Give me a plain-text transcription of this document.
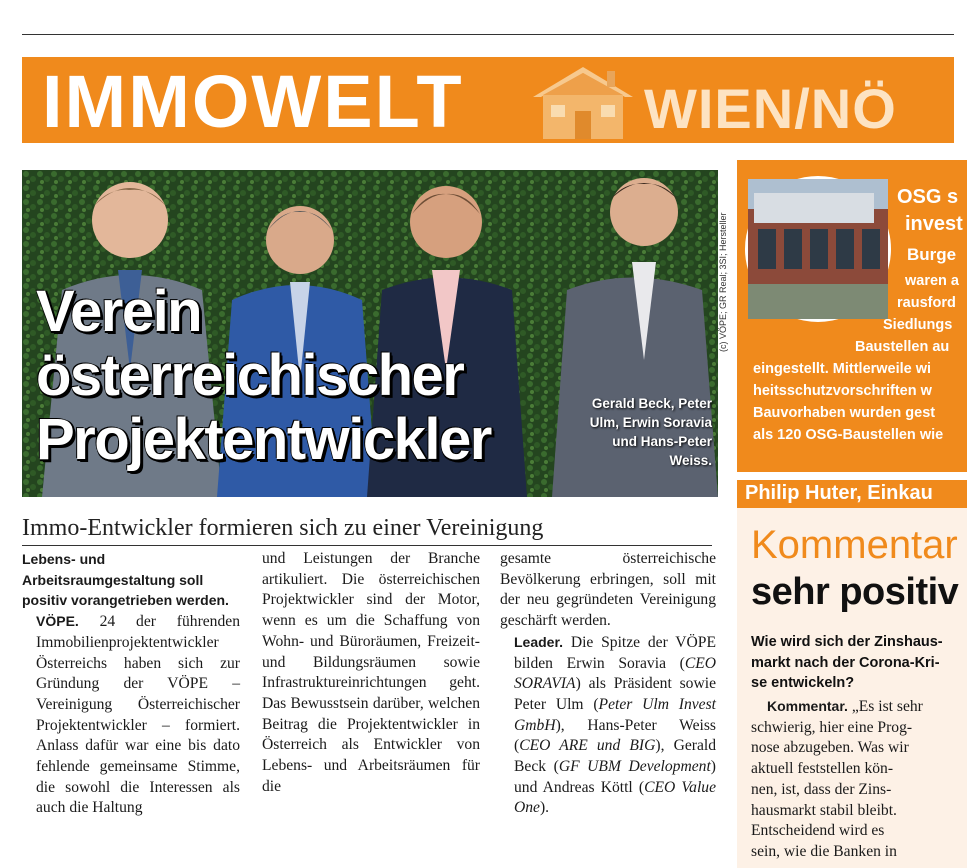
IMMOWELT	WIEN/NÖ
Verein
österreichischer
Projektentwickler
Gerald Beck, Peter
Ulm, Erwin Soravia
und Hans-Peter
Weiss.
(c) VÖPE; GR Real; 3SI; Hersteller
Immo-Entwickler formieren sich zu einer Vereinigung

Lebens- und Arbeitsraumgestaltung soll positiv vorangetrieben werden.

VÖPE. 24 der führenden Immobilienprojektentwickler Österreichs haben sich zur Gründung der VÖPE – Vereinigung Österreichischer Projektentwickler – formiert. Anlass dafür war eine bis dato fehlende gemeinsame Stimme, die sowohl die Interessen als auch die Haltung

und Leistungen der Branche artikuliert. Die österreichischen Projektwickler sind der Motor, wenn es um die Schaffung von Wohn- und Büroräumen, Freizeit- und Bildungsräumen sowie Infrastruktureinrichtungen geht. Das Bewusstsein darüber, welchen Beitrag die Projektentwickler in Österreich als Entwickler von Lebens- und Arbeitsräumen für die

gesamte österreichische Bevölkerung erbringen, soll mit der neu gegründeten Vereinigung geschärft werden.

Leader. Die Spitze der VÖPE bilden Erwin Soravia (CEO SORAVIA) als Präsident sowie Peter Ulm (Peter Ulm Invest GmbH), Hans-Peter Weiss (CEO ARE und BIG), Gerald Beck (GF UBM Development) und Andreas Köttl (CEO Value One).

OSG s
invest
Burge
waren a
rausford
Siedlungs
Baustellen au
eingestellt. Mittlerweile wi
heitsschutzvorschriften w
Bauvorhaben wurden gest
als 120 OSG-Baustellen wie
Philip Huter, Einkau
Kommentar
sehr positiv
Wie wird sich der Zinshaus-
markt nach der Corona-Kri-
se entwickeln?
Kommentar. „Es ist sehr
schwierig, hier eine Prog-
nose abzugeben. Was wir
aktuell feststellen kön-
nen, ist, dass der Zins-
hausmarkt stabil bleibt.
Entscheidend wird es
sein, wie die Banken in
